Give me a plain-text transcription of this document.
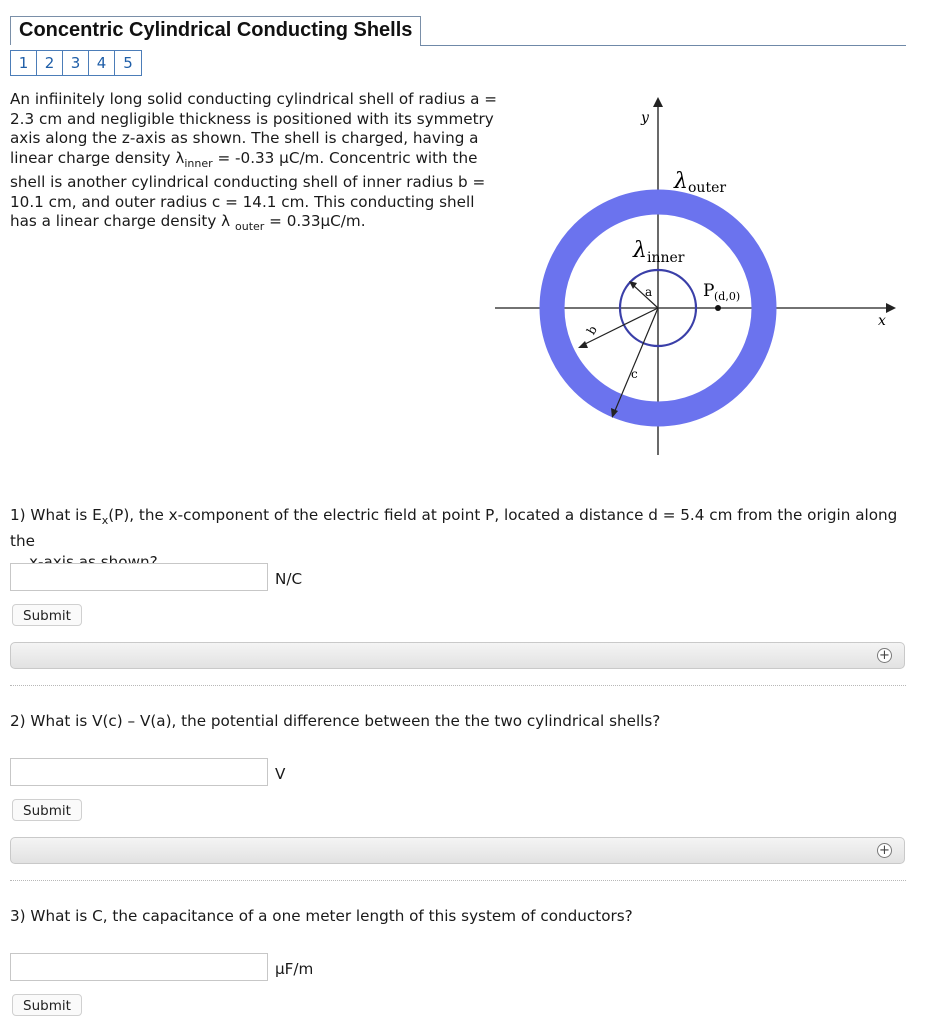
Concentric Cylindrical Conducting Shells
1	2	3	4	5
An infiinitely long solid conducting cylindrical shell of radius a = 2.3 cm and negligible thickness is positioned with its symmetry axis along the z-axis as shown. The shell is charged, having a linear charge density $\lambda_{inner} = -0.33$ μC/m. Concentric with the shell is another cylindrical conducting shell of inner radius b = 10.1 cm, and outer radius c = 14.1 cm. This conducting shell has a linear charge density λ $_{outer}$ = 0.33μC/m.
y
x
λ outer
λ inner
P (d,0)
a
b
c
1) What is $E_x(P)$, the x-component of the electric field at point P, located a distance d = 5.4 cm from the origin along the
N/C
Submit
+
2) What is V(c) – V(a), the potential difference between the the two cylindrical shells?
V
Submit
+
3) What is C, the capacitance of a one meter length of this system of conductors?
μF/m
Submit
